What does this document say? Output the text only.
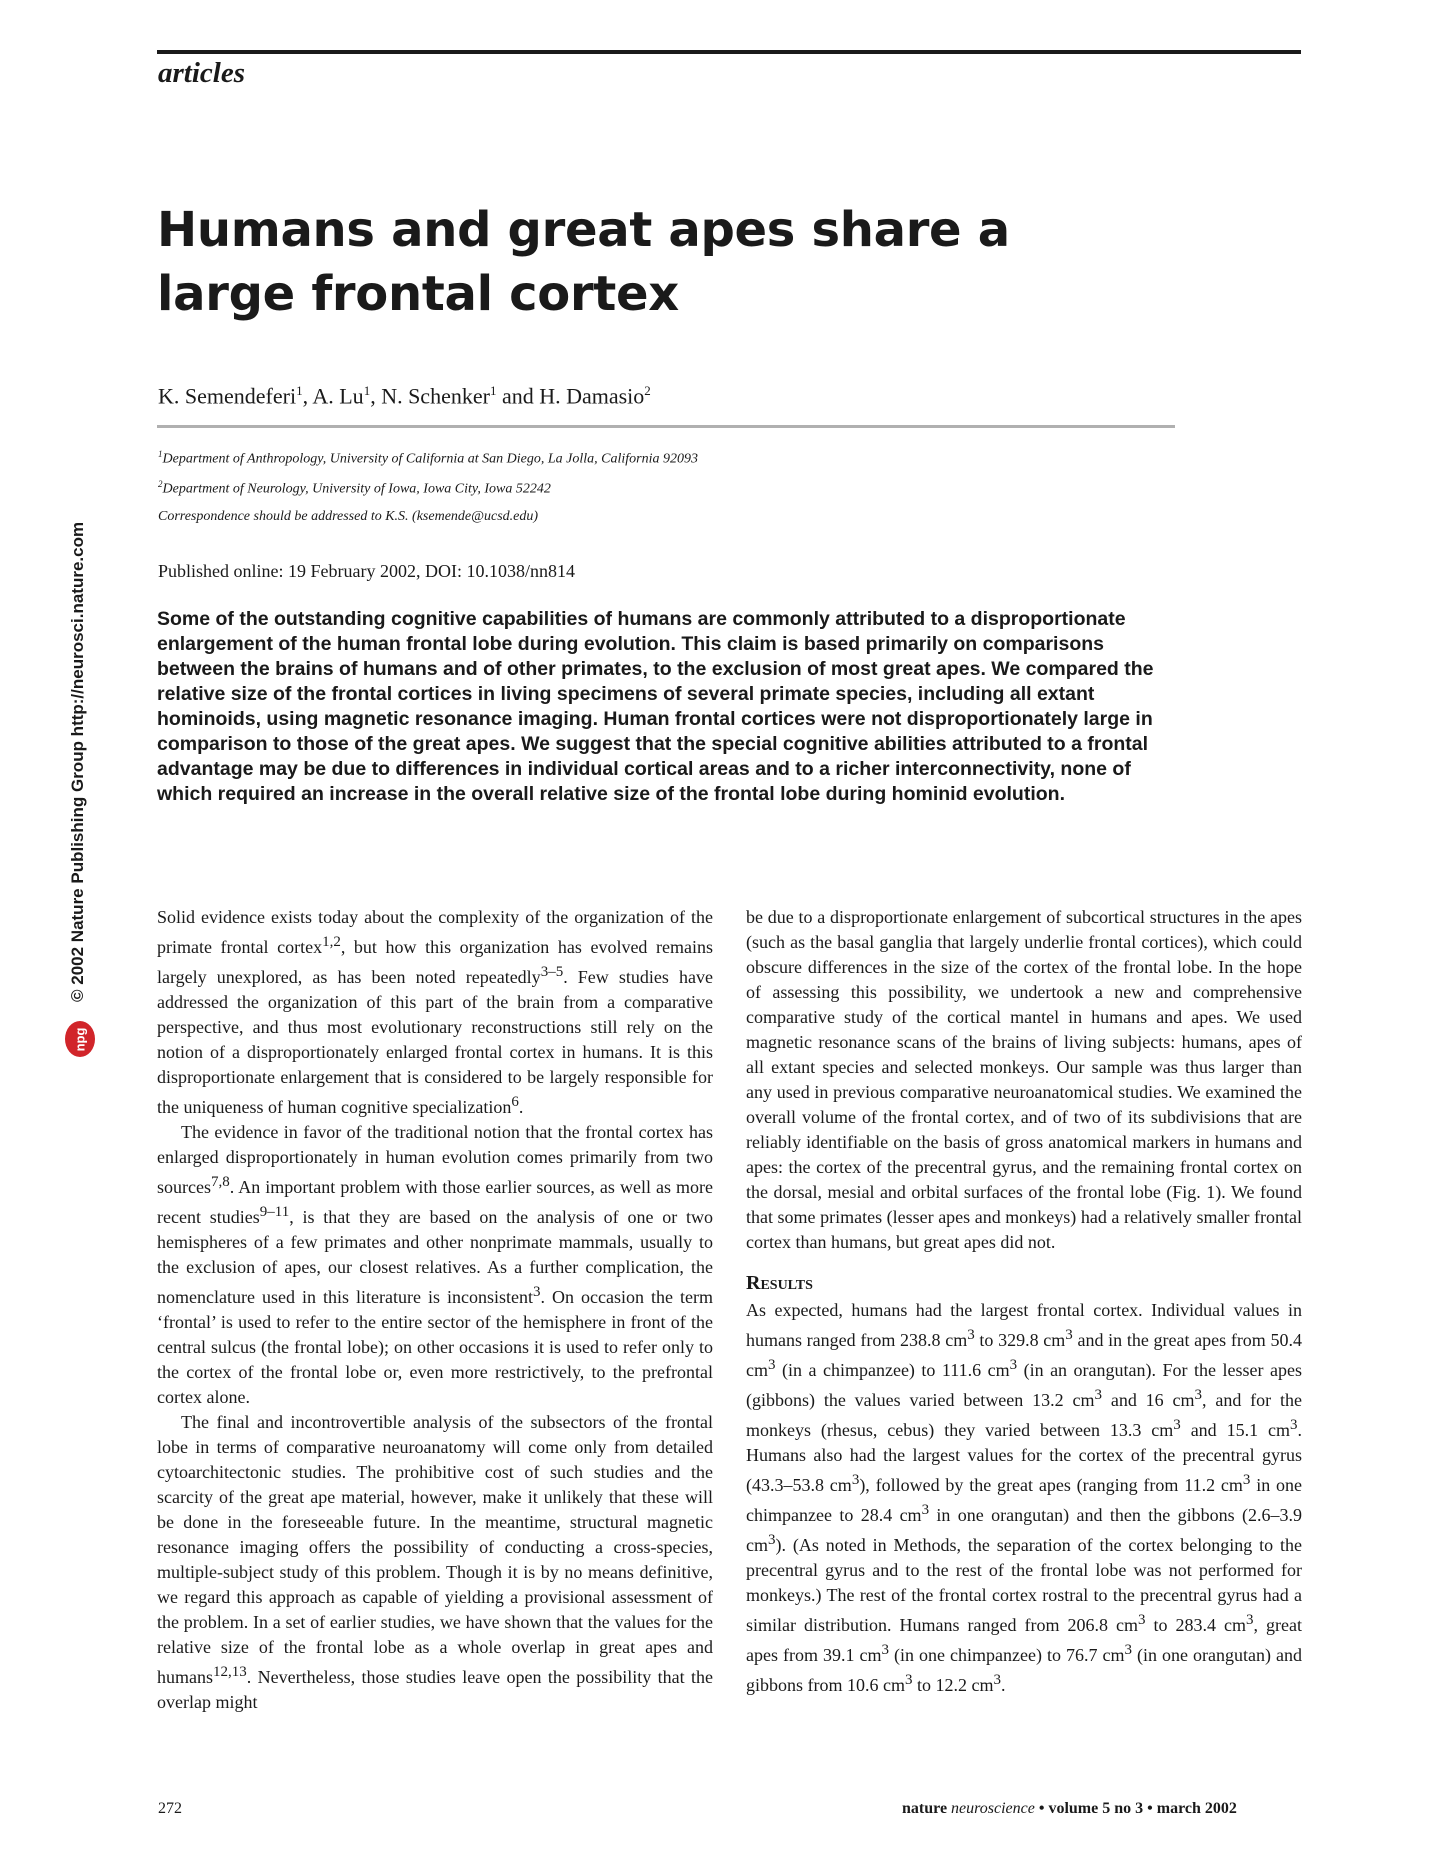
articles
Humans and great apes share a large frontal cortex
K. Semendeferi$^1$, A. Lu$^1$, N. Schenker$^1$ and H. Damasio$^2$
$^1$Department of Anthropology, University of California at San Diego, La Jolla, California 92093
$^2$Department of Neurology, University of Iowa, Iowa City, Iowa 52242
Correspondence should be addressed to K.S. (ksemende@ucsd.edu)
Published online: 19 February 2002, DOI: 10.1038/nn814

Some of the outstanding cognitive capabilities of humans are commonly attributed to a disproportionate enlargement of the human frontal lobe during evolution. This claim is based primarily on comparisons between the brains of humans and of other primates, to the exclusion of most great apes. We compared the relative size of the frontal cortices in living specimens of several primate species, including all extant hominoids, using magnetic resonance imaging. Human frontal cortices were not disproportionately large in comparison to those of the great apes. We suggest that the special cognitive abilities attributed to a frontal advantage may be due to differences in individual cortical areas and to a richer interconnectivity, none of which required an increase in the overall relative size of the frontal lobe during hominid evolution.

Solid evidence exists today about the complexity of the organization of the primate frontal cortex$^{1,2}$, but how this organization has evolved remains largely unexplored, as has been noted repeatedly$^{3-5}$. Few studies have addressed the organization of this part of the brain from a comparative perspective, and thus most evolutionary reconstructions still rely on the notion of a disproportionately enlarged frontal cortex in humans. It is this disproportionate enlargement that is considered to be largely responsible for the uniqueness of human cognitive specialization$^6$.

The evidence in favor of the traditional notion that the frontal cortex has enlarged disproportionately in human evolution comes primarily from two sources$^{7,8}$. An important problem with those earlier sources, as well as more recent studies$^{9-11}$, is that they are based on the analysis of one or two hemispheres of a few primates and other nonprimate mammals, usually to the exclusion of apes, our closest relatives. As a further complication, the nomenclature used in this literature is inconsistent$^3$. On occasion the term ‘frontal’ is used to refer to the entire sector of the hemisphere in front of the central sulcus (the frontal lobe); on other occasions it is used to refer only to the cortex of the frontal lobe or, even more restrictively, to the prefrontal cortex alone.

The final and incontrovertible analysis of the subsectors of the frontal lobe in terms of comparative neuroanatomy will come only from detailed cytoarchitectonic studies. The prohibitive cost of such studies and the scarcity of the great ape material, however, make it unlikely that these will be done in the foreseeable future. In the meantime, structural magnetic resonance imaging offers the possibility of conducting a cross-species, multiple-subject study of this problem. Though it is by no means definitive, we regard this approach as capable of yielding a provisional assessment of the problem. In a set of earlier studies, we have shown that the values for the relative size of the frontal lobe as a whole overlap in great apes and humans$^{12,13}$. Nevertheless, those studies leave open the possibility that the overlap might

be due to a disproportionate enlargement of subcortical structures in the apes (such as the basal ganglia that largely underlie frontal cortices), which could obscure differences in the size of the cortex of the frontal lobe. In the hope of assessing this possibility, we undertook a new and comprehensive comparative study of the cortical mantel in humans and apes. We used magnetic resonance scans of the brains of living subjects: humans, apes of all extant species and selected monkeys. Our sample was thus larger than any used in previous comparative neuroanatomical studies. We examined the overall volume of the frontal cortex, and of two of its subdivisions that are reliably identifiable on the basis of gross anatomical markers in humans and apes: the cortex of the precentral gyrus, and the remaining frontal cortex on the dorsal, mesial and orbital surfaces of the frontal lobe (Fig. 1). We found that some primates (lesser apes and monkeys) had a relatively smaller frontal cortex than humans, but great apes did not.

Results

As expected, humans had the largest frontal cortex. Individual values in humans ranged from 238.8 $cm^3$ to 329.8 $cm^3$ and in the great apes from 50.4 $cm^3$ (in a chimpanzee) to 111.6 $cm^3$ (in an orangutan). For the lesser apes (gibbons) the values varied between 13.2 $cm^3$ and 16 $cm^3$, and for the monkeys (rhesus, cebus) they varied between 13.3 $cm^3$ and 15.1 $cm^3$. Humans also had the largest values for the cortex of the precentral gyrus (43.3–53.8 $cm^3$), followed by the great apes (ranging from 11.2 $cm^3$ in one chimpanzee to 28.4 $cm^3$ in one orangutan) and then the gibbons (2.6–3.9 $cm^3$). (As noted in Methods, the separation of the cortex belonging to the precentral gyrus and to the rest of the frontal lobe was not performed for monkeys.) The rest of the frontal cortex rostral to the precentral gyrus had a similar distribution. Humans ranged from 206.8 $cm^3$ to 283.4 $cm^3$, great apes from 39.1 $cm^3$ (in one chimpanzee) to 76.7 $cm^3$ (in one orangutan) and gibbons from 10.6 $cm^3$ to 12.2 $cm^3$.

© 2002 Nature Publishing Group http://neurosci.nature.com
npg
272	nature neuroscience • volume 5 no 3 • march 2002
